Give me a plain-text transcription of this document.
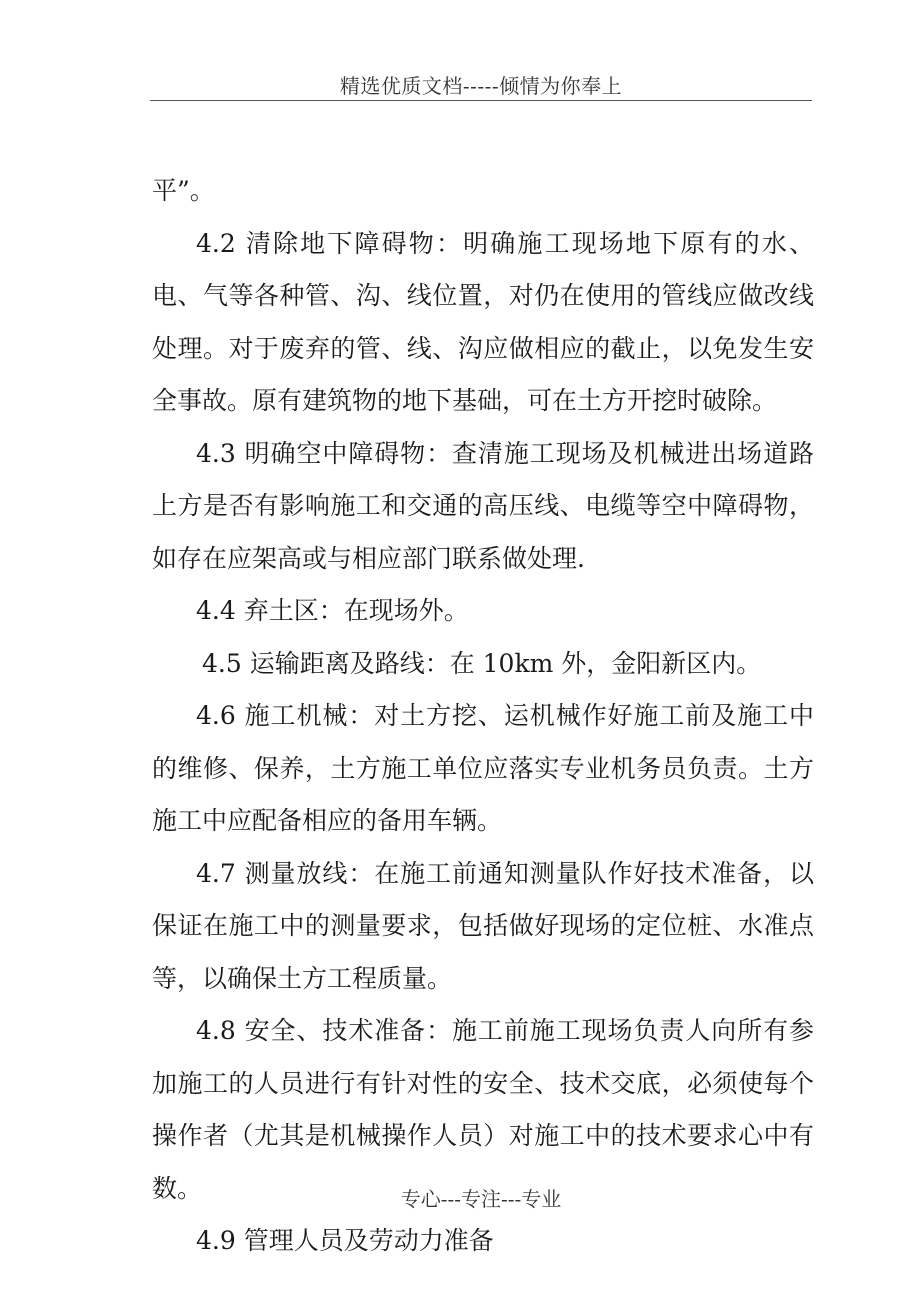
精选优质文档-----倾情为你奉上

平”。

4.2 清除地下障碍物：明确施工现场地下原有的水、电、气等各种管、沟、线位置，对仍在使用的管线应做改线处理。对于废弃的管、线、沟应做相应的截止，以免发生安全事故。原有建筑物的地下基础，可在土方开挖时破除。

4.3 明确空中障碍物：查清施工现场及机械进出场道路上方是否有影响施工和交通的高压线、电缆等空中障碍物，如存在应架高或与相应部门联系做处理.

4.4 弃土区：在现场外。

4.5 运输距离及路线：在 10km 外，金阳新区内。

4.6 施工机械：对土方挖、运机械作好施工前及施工中的维修、保养，土方施工单位应落实专业机务员负责。土方施工中应配备相应的备用车辆。

4.7 测量放线：在施工前通知测量队作好技术准备，以保证在施工中的测量要求，包括做好现场的定位桩、水准点等，以确保土方工程质量。

4.8 安全、技术准备：施工前施工现场负责人向所有参加施工的人员进行有针对性的安全、技术交底，必须使每个操作者（尤其是机械操作人员）对施工中的技术要求心中有数。

4.9 管理人员及劳动力准备

专心---专注---专业
